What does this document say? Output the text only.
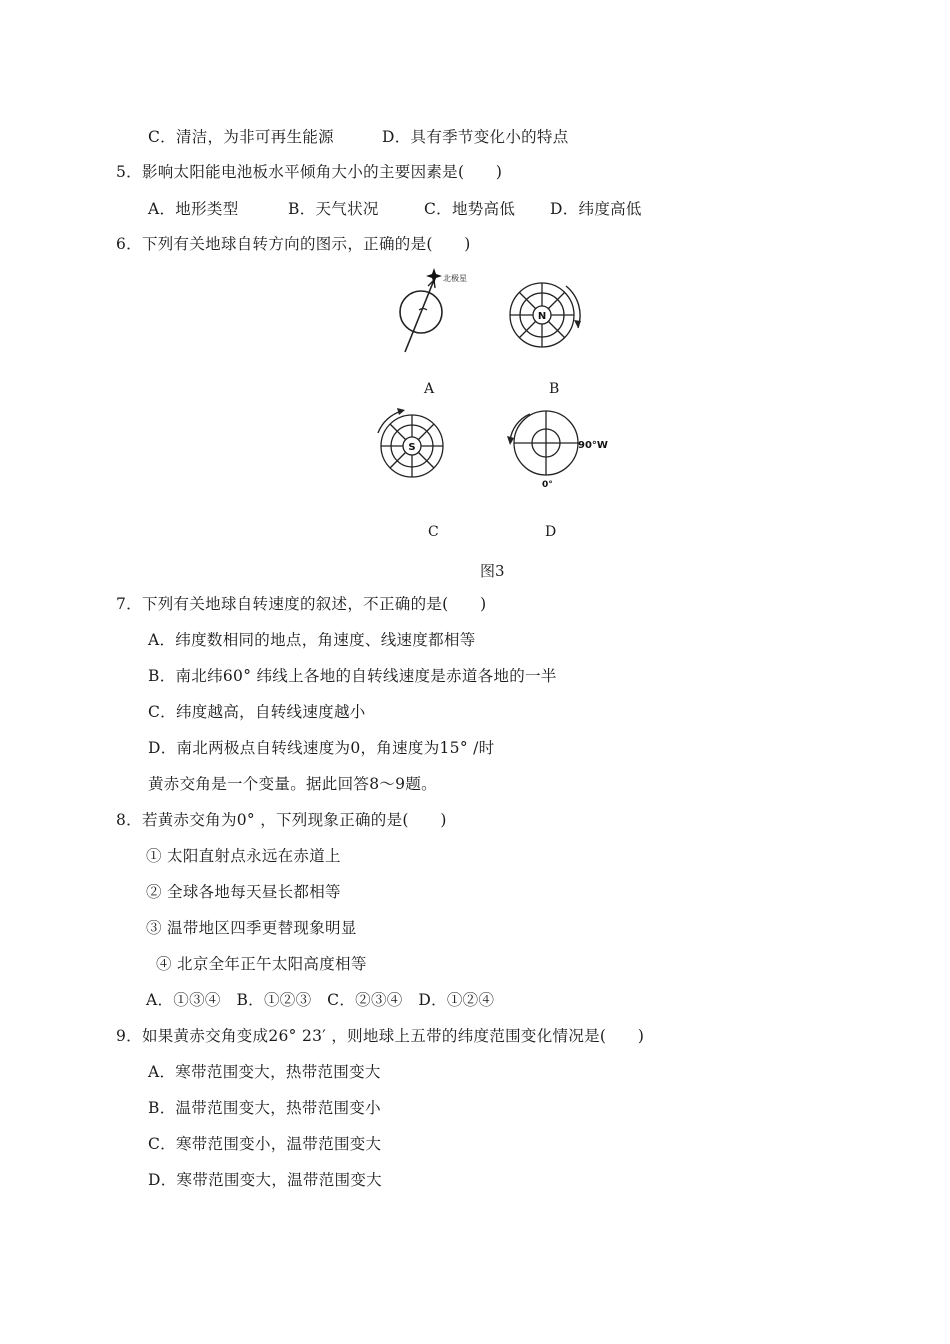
C．清洁，为非可再生能源	D．具有季节变化小的特点
5．影响太阳能电池板水平倾角大小的主要因素是(　　)
A．地形类型	B．天气状况	C．地势高低 D．纬度高低
6．下列有关地球自转方向的图示，正确的是(　　)
北极星
N
A	B
S	90°W
0°
C	D
图3
7．下列有关地球自转速度的叙述，不正确的是(　　)
A．纬度数相同的地点，角速度、线速度都相等
B．南北纬60° 纬线上各地的自转线速度是赤道各地的一半
C．纬度越高，自转线速度越小
D．南北两极点自转线速度为0，角速度为15° /时
黄赤交角是一个变量。据此回答8～9题。
8．若黄赤交角为0° ，下列现象正确的是(　　)
① 太阳直射点永远在赤道上
② 全球各地每天昼长都相等
③ 温带地区四季更替现象明显
④ 北京全年正午太阳高度相等
A．①③④　B．①②③　C．②③④　D．①②④
9．如果黄赤交角变成26° 23′ ，则地球上五带的纬度范围变化情况是(　　)
A．寒带范围变大，热带范围变大
B．温带范围变大，热带范围变小
C．寒带范围变小，温带范围变大
D．寒带范围变大，温带范围变大
